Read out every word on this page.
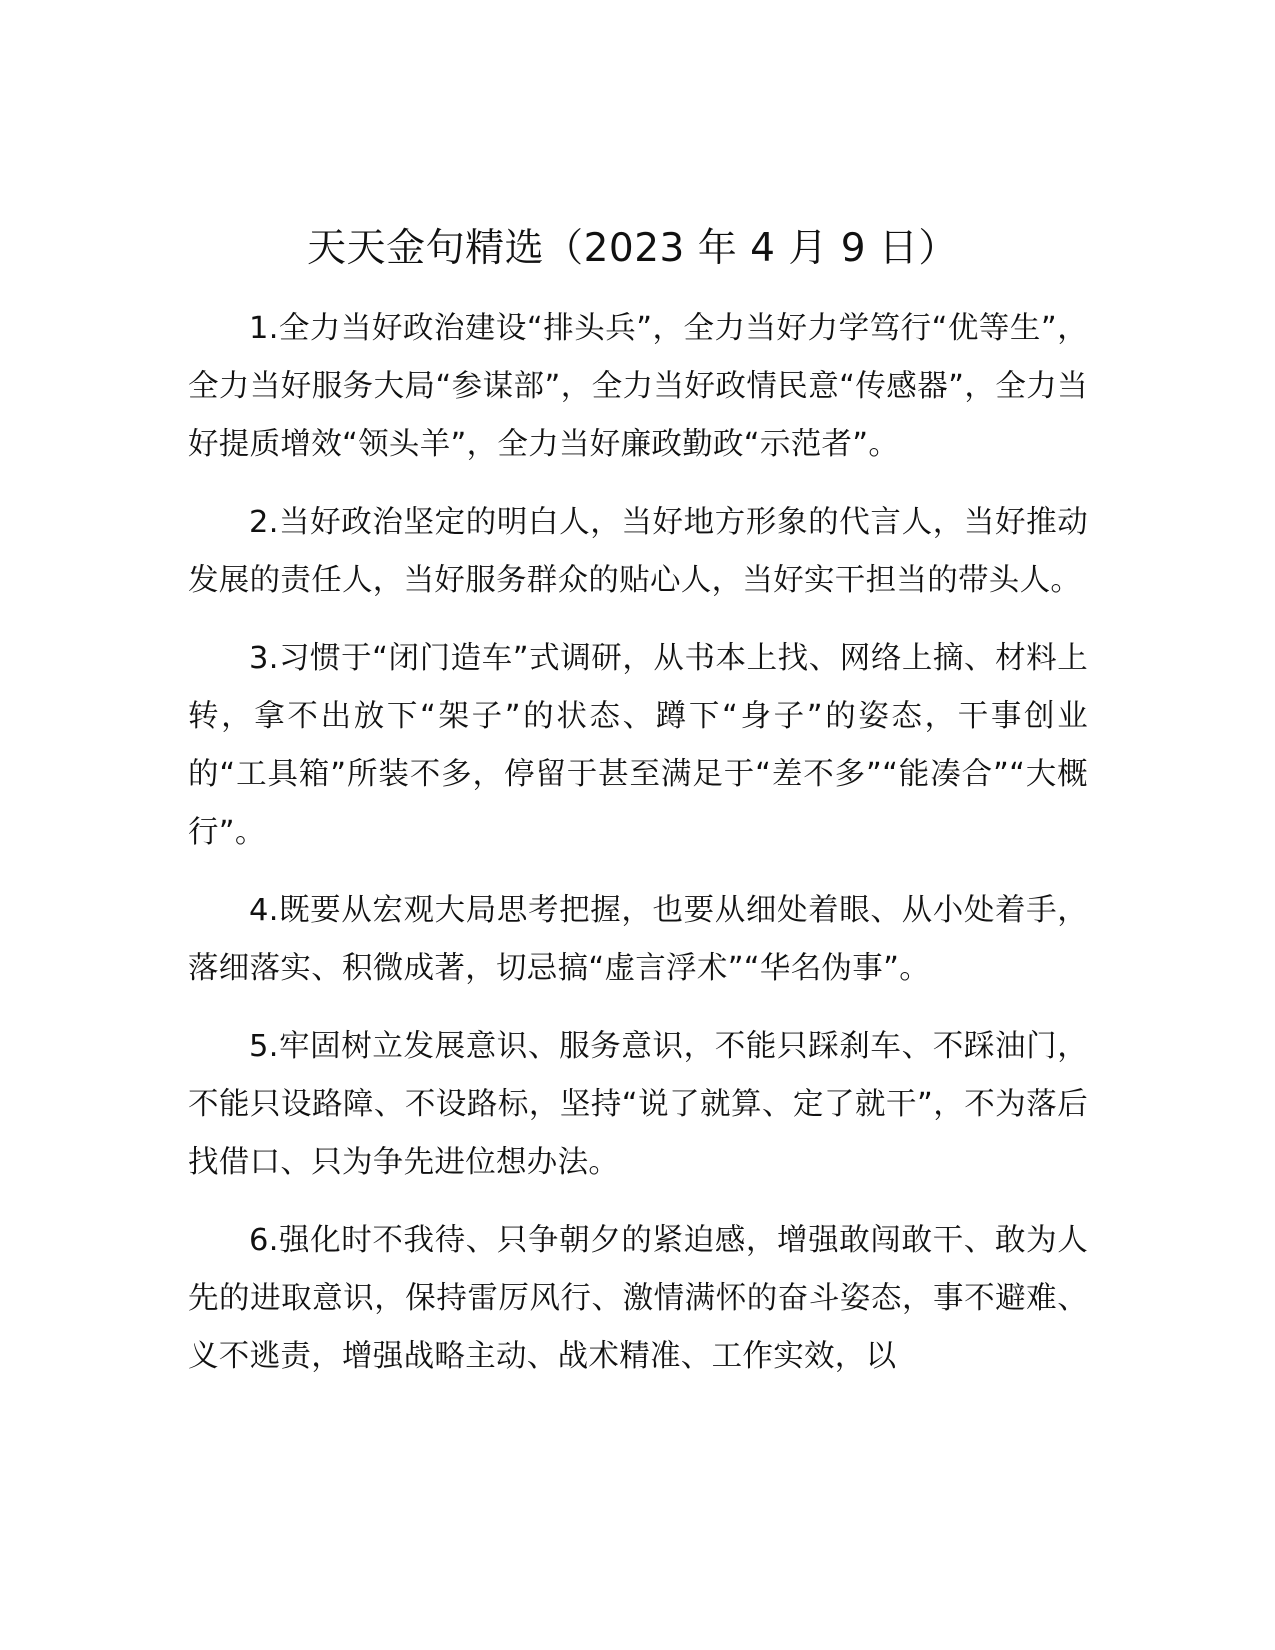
天天金句精选（2023 年 4 月 9 日）

1.全力当好政治建设“排头兵”，全力当好力学笃行“优等生”，全力当好服务大局“参谋部”，全力当好政情民意“传感器”，全力当好提质增效“领头羊”，全力当好廉政勤政“示范者”。

2.当好政治坚定的明白人，当好地方形象的代言人，当好推动发展的责任人，当好服务群众的贴心人，当好实干担当的带头人。

3.习惯于“闭门造车”式调研，从书本上找、网络上摘、材料上转，拿不出放下“架子”的状态、蹲下“身子”的姿态，干事创业的“工具箱”所装不多，停留于甚至满足于“差不多”“能凑合”“大概行”。

4.既要从宏观大局思考把握，也要从细处着眼、从小处着手，落细落实、积微成著，切忌搞“虚言浮术”“华名伪事”。

5.牢固树立发展意识、服务意识，不能只踩刹车、不踩油门，不能只设路障、不设路标，坚持“说了就算、定了就干”，不为落后找借口、只为争先进位想办法。

6.强化时不我待、只争朝夕的紧迫感，增强敢闯敢干、敢为人先的进取意识，保持雷厉风行、激情满怀的奋斗姿态，事不避难、义不逃责，增强战略主动、战术精准、工作实效，以
